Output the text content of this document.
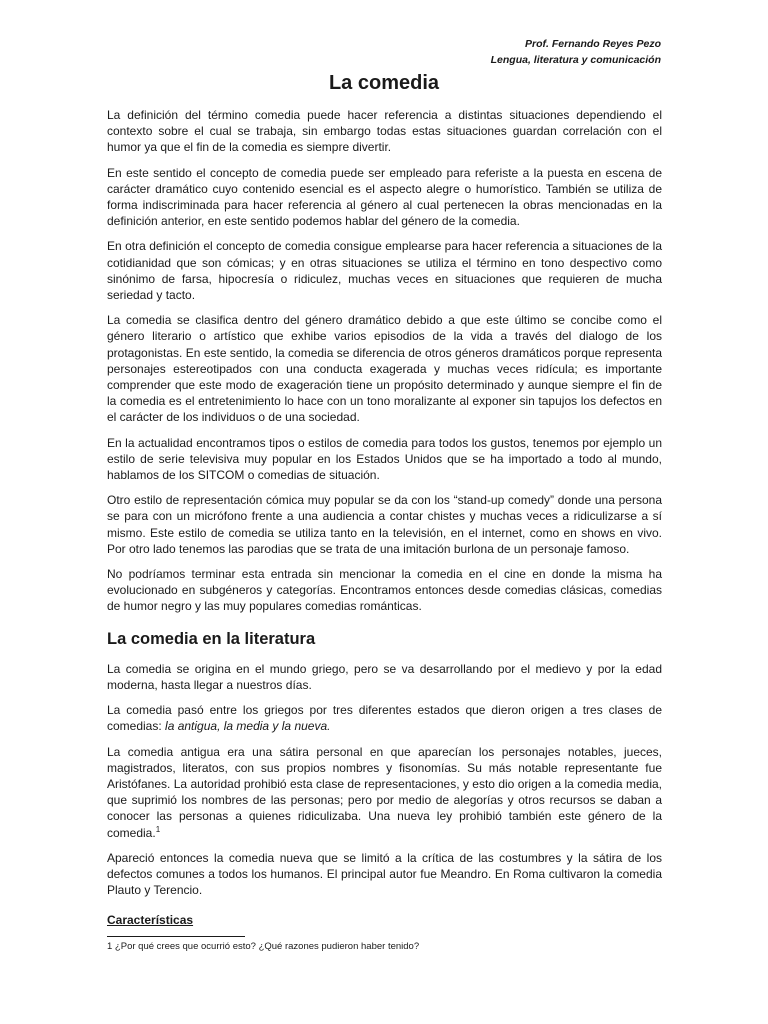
Prof. Fernando Reyes Pezo
Lengua, literatura y comunicación
La comedia

La definición del término comedia puede hacer referencia a distintas situaciones dependiendo el contexto sobre el cual se trabaja, sin embargo todas estas situaciones guardan correlación con el humor ya que el fin de la comedia es siempre divertir.

En este sentido el concepto de comedia puede ser empleado para referiste a la puesta en escena de carácter dramático cuyo contenido esencial es el aspecto alegre o humorístico. También se utiliza de forma indiscriminada para hacer referencia al género al cual pertenecen la obras mencionadas en la definición anterior, en este sentido podemos hablar del género de la comedia.

En otra definición el concepto de comedia consigue emplearse para hacer referencia a situaciones de la cotidianidad que son cómicas; y en otras situaciones se utiliza el término en tono despectivo como sinónimo de farsa, hipocresía o ridiculez, muchas veces en situaciones que requieren de mucha seriedad y tacto.

La comedia se clasifica dentro del género dramático debido a que este último se concibe como el género literario o artístico que exhibe varios episodios de la vida a través del dialogo de los protagonistas. En este sentido, la comedia se diferencia de otros géneros dramáticos porque representa personajes estereotipados con una conducta exagerada y muchas veces ridícula; es importante comprender que este modo de exageración tiene un propósito determinado y aunque siempre el fin de la comedia es el entretenimiento lo hace con un tono moralizante al exponer sin tapujos los defectos en el carácter de los individuos o de una sociedad.

En la actualidad encontramos tipos o estilos de comedia para todos los gustos, tenemos por ejemplo un estilo de serie televisiva muy popular en los Estados Unidos que se ha importado a todo al mundo, hablamos de los SITCOM o comedias de situación.

Otro estilo de representación cómica muy popular se da con los “stand-up comedy” donde una persona se para con un micrófono frente a una audiencia a contar chistes y muchas veces a ridiculizarse a sí mismo. Este estilo de comedia se utiliza tanto en la televisión, en el internet, como en shows en vivo. Por otro lado tenemos las parodias que se trata de una imitación burlona de un personaje famoso.

No podríamos terminar esta entrada sin mencionar la comedia en el cine en donde la misma ha evolucionado en subgéneros y categorías. Encontramos entonces desde comedias clásicas, comedias de humor negro y las muy populares comedias románticas.

La comedia en la literatura

La comedia se origina en el mundo griego, pero se va desarrollando por el medievo y por la edad moderna, hasta llegar a nuestros días.

La comedia pasó entre los griegos por tres diferentes estados que dieron origen a tres clases de comedias: la antigua, la media y la nueva.

La comedia antigua era una sátira personal en que aparecían los personajes notables, jueces, magistrados, literatos, con sus propios nombres y fisonomías. Su más notable representante fue Aristófanes. La autoridad prohibió esta clase de representaciones, y esto dio origen a la comedia media, que suprimió los nombres de las personas; pero por medio de alegorías y otros recursos se daban a conocer las personas a quienes ridiculizaba. Una nueva ley prohibió también este género de la comedia.$^1$

Apareció entonces la comedia nueva que se limitó a la crítica de las costumbres y la sátira de los defectos comunes a todos los humanos. El principal autor fue Meandro. En Roma cultivaron la comedia Plauto y Terencio.

Características
1 ¿Por qué crees que ocurrió esto? ¿Qué razones pudieron haber tenido?
